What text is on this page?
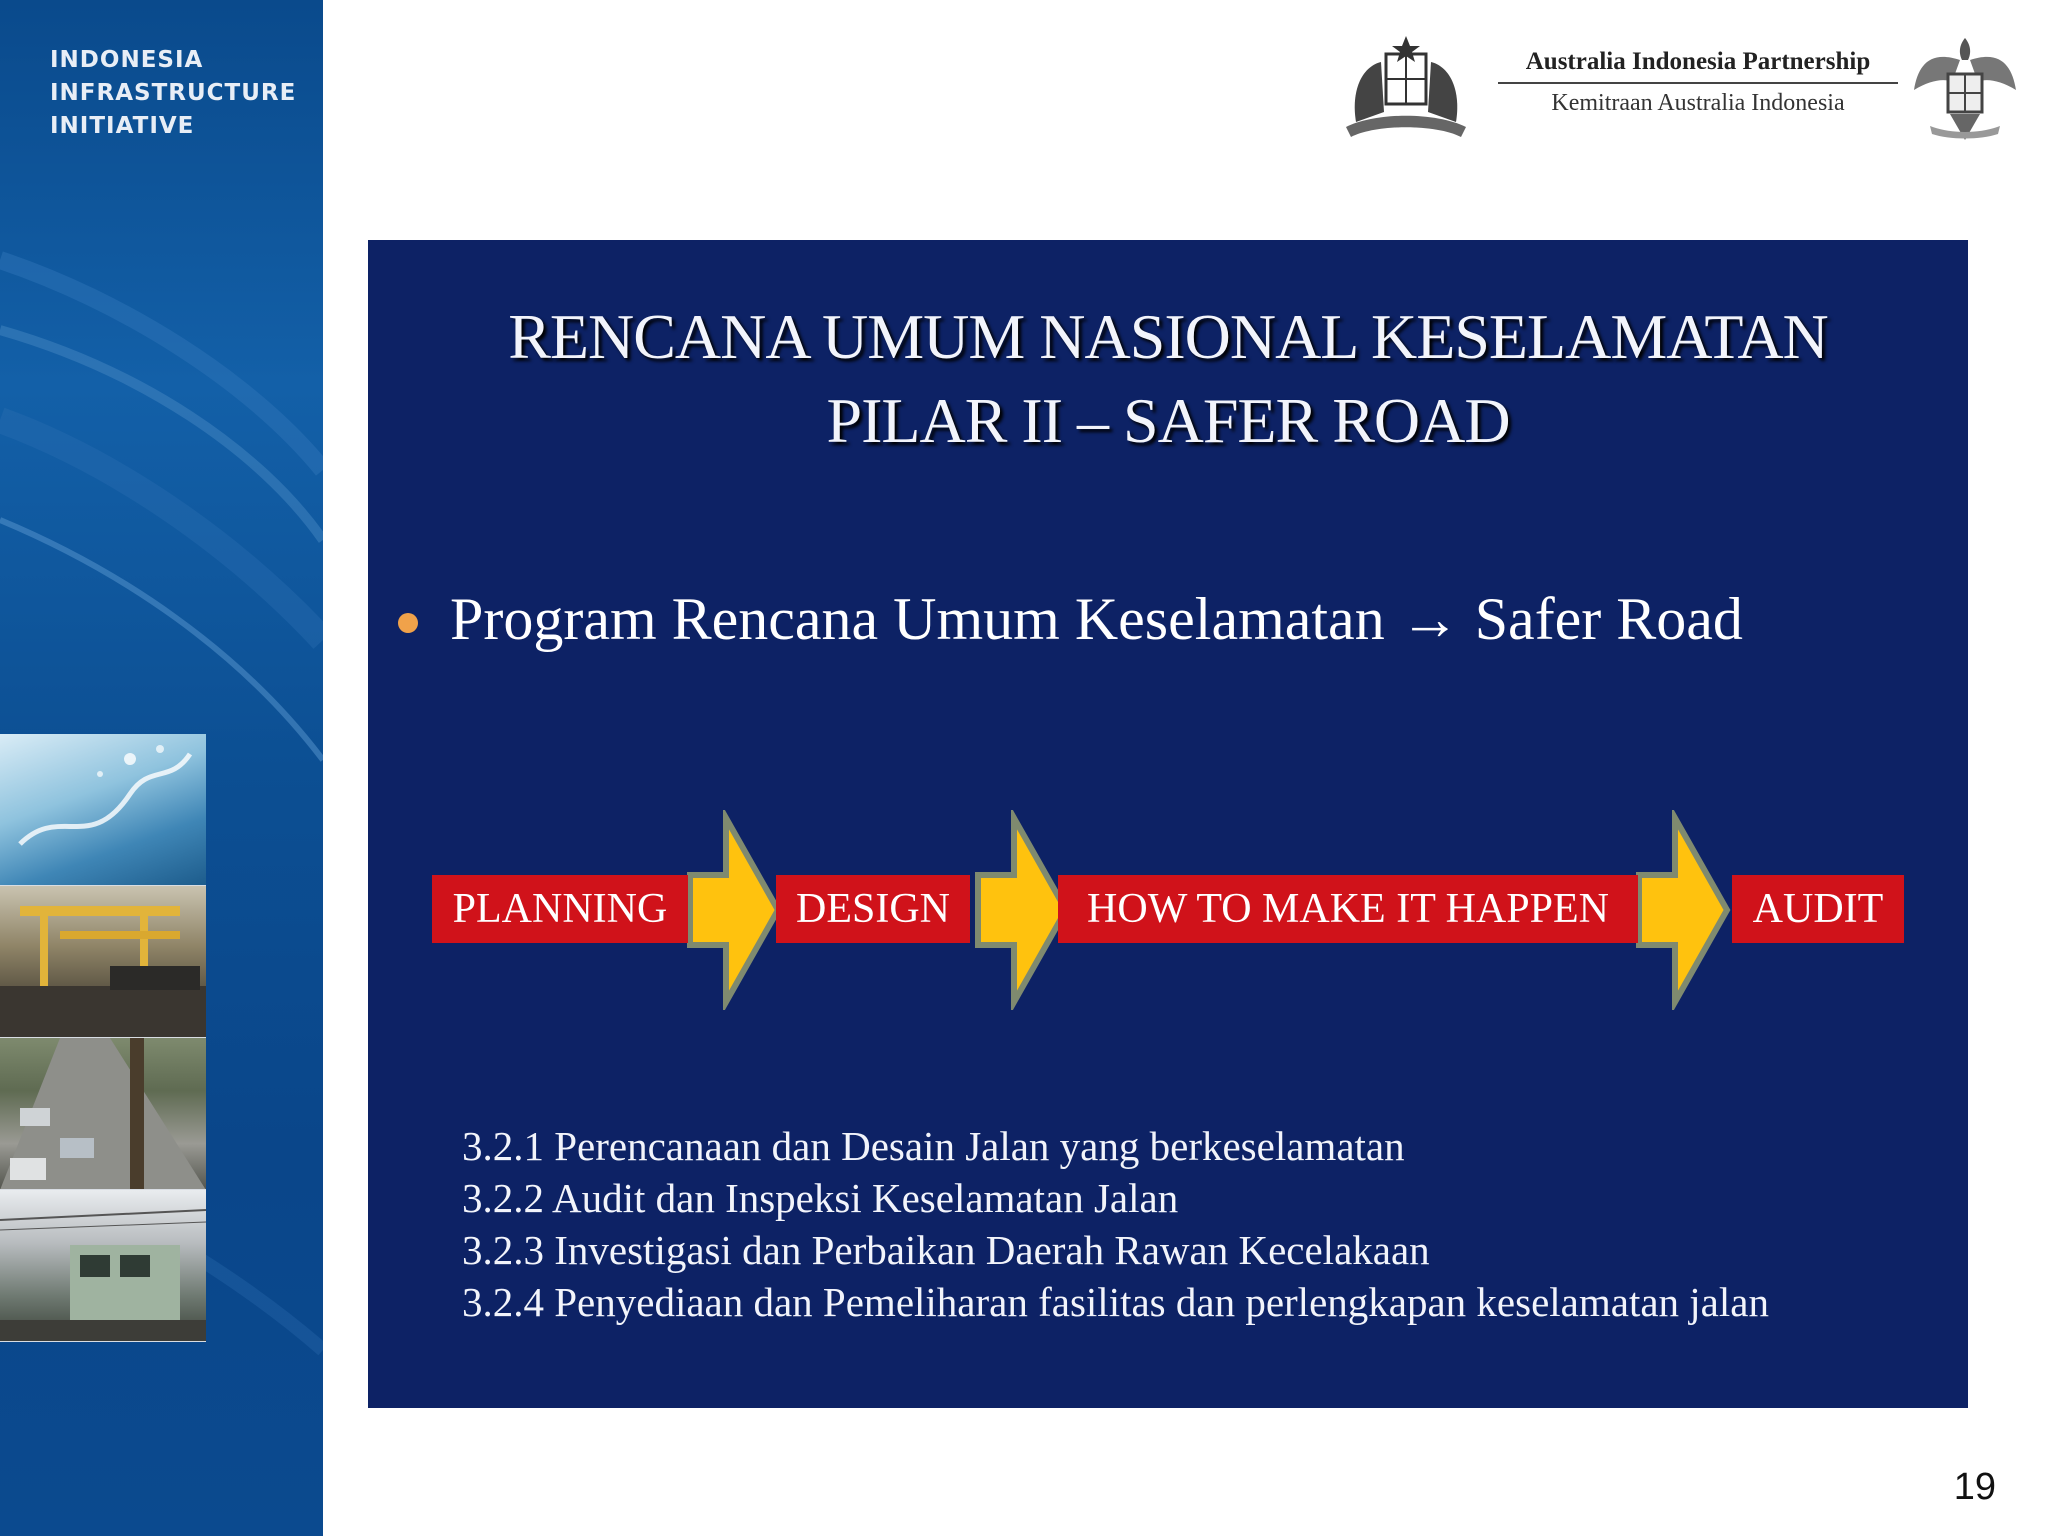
INDONESIA
INFRASTRUCTURE
INITIATIVE
Australia Indonesia Partnership
Kemitraan Australia Indonesia
RENCANA UMUM NASIONAL KESELAMATAN
PILAR II – SAFER ROAD
Program Rencana Umum Keselamatan → Safer Road
PLANNING	DESIGN	HOW TO MAKE IT HAPPEN	AUDIT
3.2.1 Perencanaan dan Desain Jalan yang berkeselamatan
3.2.2 Audit dan Inspeksi Keselamatan Jalan
3.2.3 Investigasi dan Perbaikan Daerah Rawan Kecelakaan
3.2.4 Penyediaan dan Pemeliharan fasilitas dan perlengkapan keselamatan jalan
19
